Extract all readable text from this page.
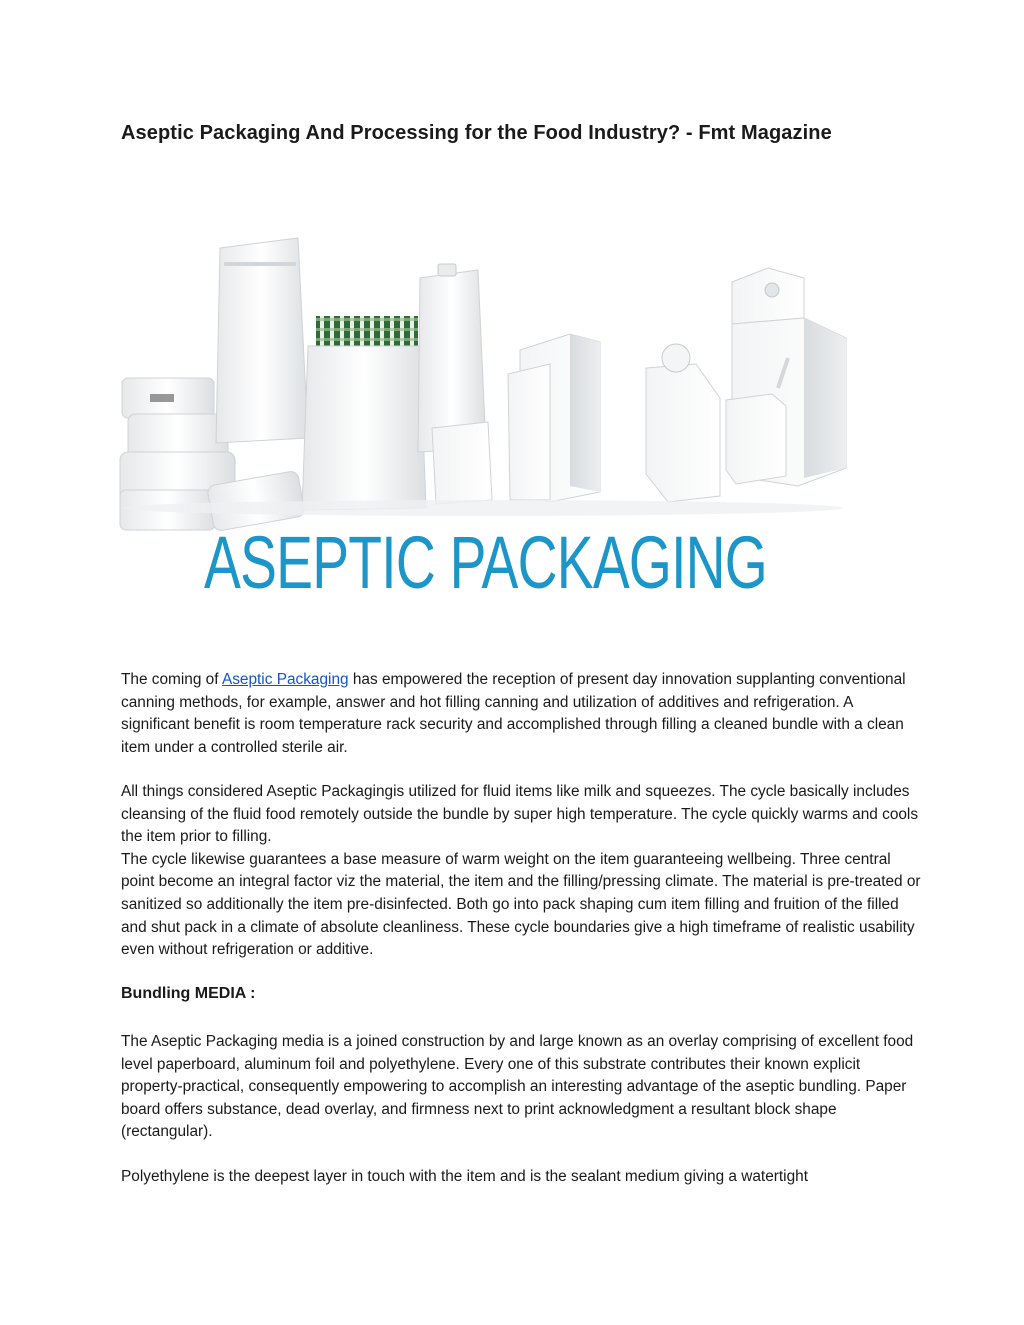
Aseptic Packaging And Processing for the Food Industry? - Fmt Magazine
ASEPTIC PACKAGING

The coming of Aseptic Packaging has empowered the reception of present day innovation supplanting conventional canning methods, for example, answer and hot filling canning and utilization of additives and refrigeration. A significant benefit is room temperature rack security and accomplished through filling a cleaned bundle with a clean item under a controlled sterile air.

All things considered Aseptic Packagingis utilized for fluid items like milk and squeezes. The cycle basically includes cleansing of the fluid food remotely outside the bundle by super high temperature. The cycle quickly warms and cools the item prior to filling.
The cycle likewise guarantees a base measure of warm weight on the item guaranteeing wellbeing. Three central point become an integral factor viz the material, the item and the filling/pressing climate. The material is pre-treated or sanitized so additionally the item pre-disinfected. Both go into pack shaping cum item filling and fruition of the filled and shut pack in a climate of absolute cleanliness. These cycle boundaries give a high timeframe of realistic usability even without refrigeration or additive.

Bundling MEDIA :

The Aseptic Packaging media is a joined construction by and large known as an overlay comprising of excellent food level paperboard, aluminum foil and polyethylene. Every one of this substrate contributes their known explicit property-practical, consequently empowering to accomplish an interesting advantage of the aseptic bundling. Paper board offers substance, dead overlay, and firmness next to print acknowledgment a resultant block shape (rectangular).

Polyethylene is the deepest layer in touch with the item and is the sealant medium giving a watertight
